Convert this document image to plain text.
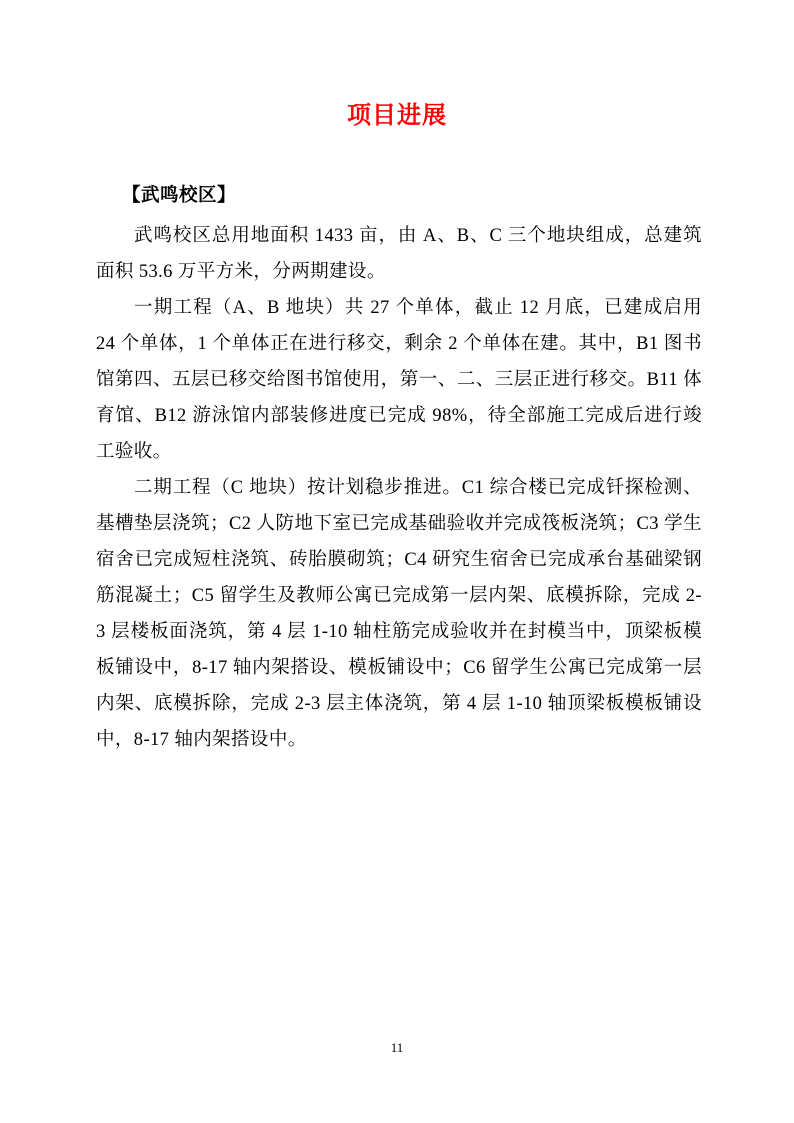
项目进展
【武鸣校区】

武鸣校区总用地面积 1433 亩，由 A、B、C 三个地块组成，总建筑面积 53.6 万平方米，分两期建设。

一期工程（A、B 地块）共 27 个单体，截止 12 月底，已建成启用 24 个单体，1 个单体正在进行移交，剩余 2 个单体在建。其中，B1 图书馆第四、五层已移交给图书馆使用，第一、二、三层正进行移交。B11 体育馆、B12 游泳馆内部装修进度已完成 98%，待全部施工完成后进行竣工验收。

二期工程（C 地块）按计划稳步推进。C1 综合楼已完成钎探检测、基槽垫层浇筑；C2 人防地下室已完成基础验收并完成筏板浇筑；C3 学生宿舍已完成短柱浇筑、砖胎膜砌筑；C4 研究生宿舍已完成承台基础梁钢筋混凝土；C5 留学生及教师公寓已完成第一层内架、底模拆除，完成 2-3 层楼板面浇筑，第 4 层 1-10 轴柱筋完成验收并在封模当中，顶梁板模板铺设中，8-17 轴内架搭设、模板铺设中；C6 留学生公寓已完成第一层内架、底模拆除，完成 2-3 层主体浇筑，第 4 层 1-10 轴顶梁板模板铺设中，8-17 轴内架搭设中。

11
